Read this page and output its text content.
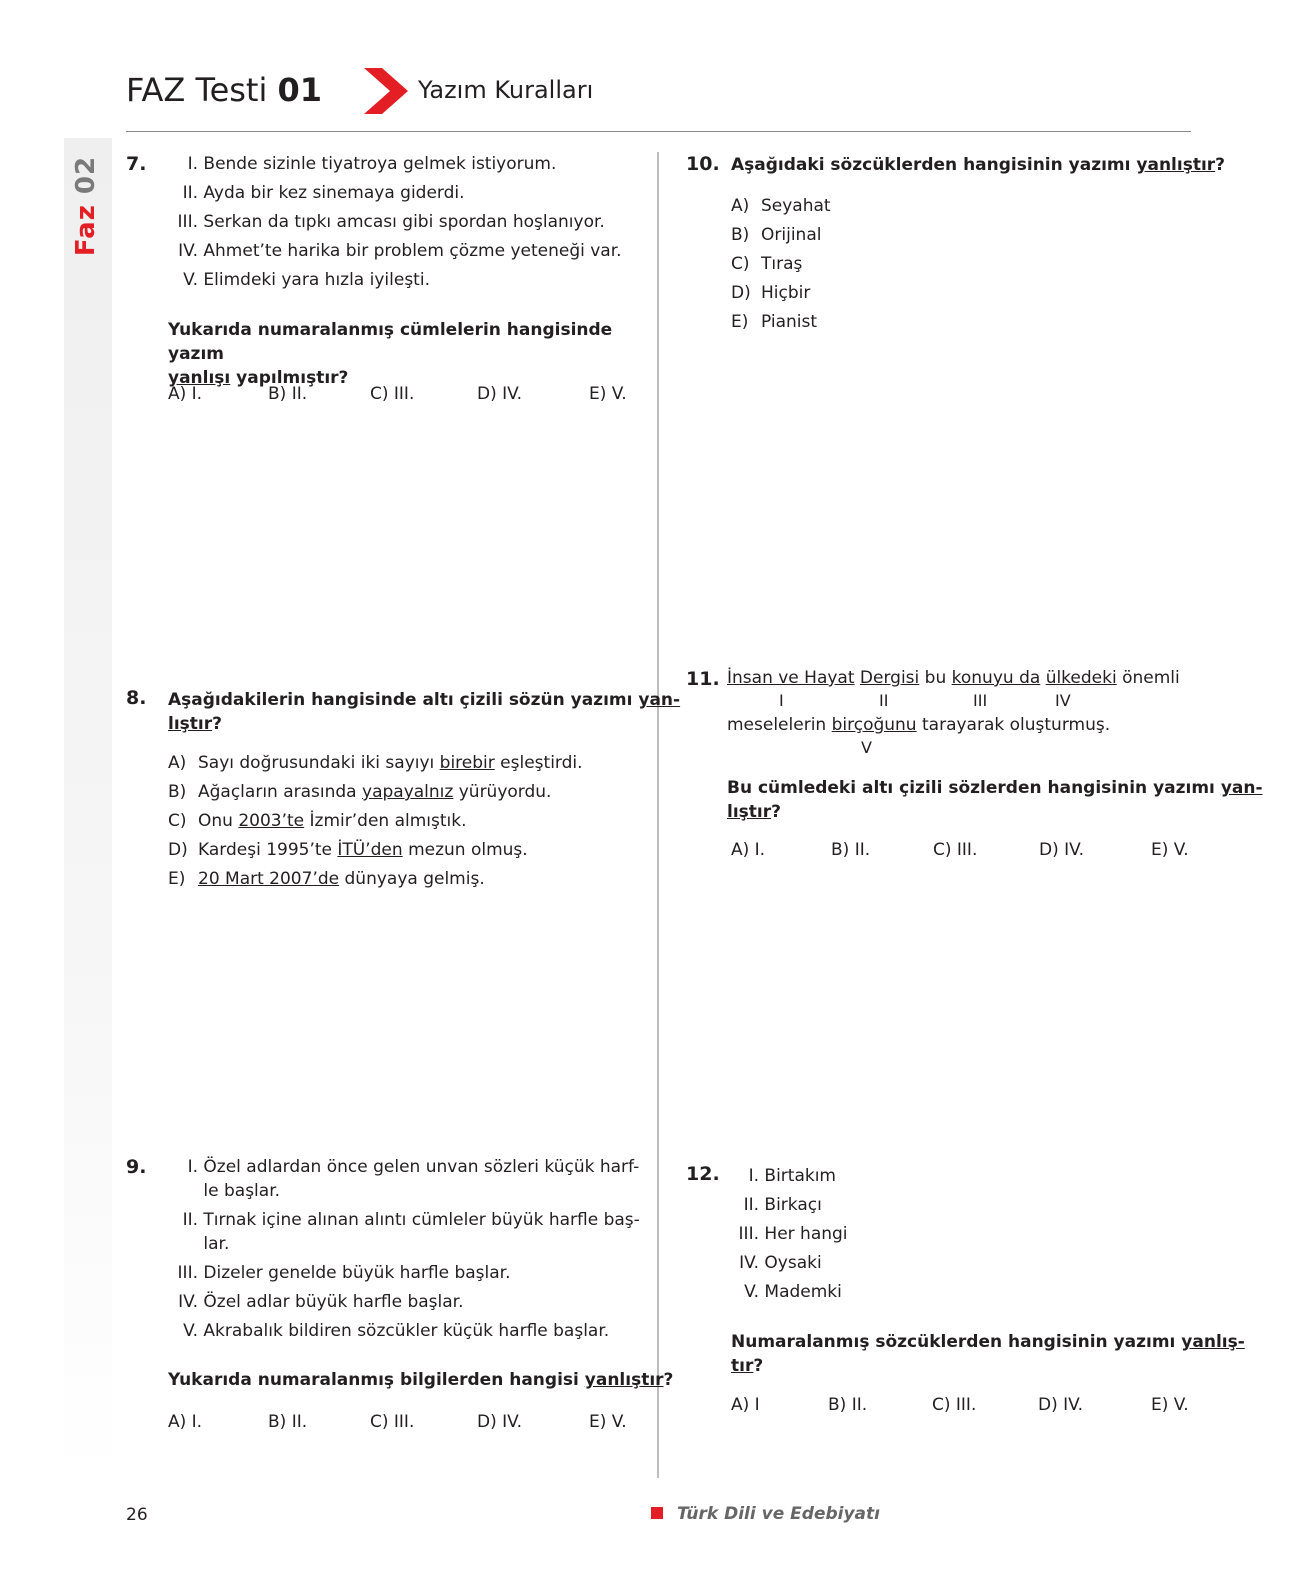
FAZ Testi 01	Yazım Kuralları
Faz 02 7.	I. Bende sizinle tiyatroya gelmek istiyorum.
II. Ayda bir kez sinemaya giderdi.
III. Serkan da tıpkı amcası gibi spordan hoşlanıyor.
IV. Ahmet’te harika bir problem çözme yeteneği var.
V. Elimdeki yara hızla iyileşti.
Yukarıda numaralanmış cümlelerin hangisinde yazım
yanlışı yapılmıştır?
A) I.	B) II.	C) III.	D) IV.	E) V.
8. Aşağıdakilerin hangisinde altı çizili sözün yazımı yan-
lıştır?
A) Sayı doğrusundaki iki sayıyı birebir eşleştirdi.
B) Ağaçların arasında yapayalnız yürüyordu.
C) Onu 2003’te İzmir’den almıştık.
D) Kardeşi 1995’te İTÜ’den mezun olmuş.
E) 20 Mart 2007’de dünyaya gelmiş.
9.	I. Özel adlardan önce gelen unvan sözleri küçük harf-
le başlar.
II. Tırnak içine alınan alıntı cümleler büyük harfle baş-
lar.
III. Dizeler genelde büyük harfle başlar.
IV. Özel adlar büyük harfle başlar.
V. Akrabalık bildiren sözcükler küçük harfle başlar.
Yukarıda numaralanmış bilgilerden hangisi yanlıştır?
A) I.	B) II.	C) III.	D) IV.	E) V.
10. Aşağıdaki sözcüklerden hangisinin yazımı yanlıştır?
A) Seyahat
B) Orijinal
C) Tıraş
D) Hiçbir
E) Pianist
11. İnsan ve Hayat Dergisi bu konuyu da ülkedeki önemli
I	II	III	IV
meselelerin birçoğunu tarayarak oluşturmuş.
V
Bu cümledeki altı çizili sözlerden hangisinin yazımı yan-
lıştır?
A) I.	B) II.	C) III.	D) IV.	E) V.
12.	I. Birtakım
II. Birkaçı
III. Her hangi
IV. Oysaki
V. Mademki
Numaralanmış sözcüklerden hangisinin yazımı yanlış-
tır?
A) I	B) II.	C) III.	D) IV.	E) V.
26	Türk Dili ve Edebiyatı
